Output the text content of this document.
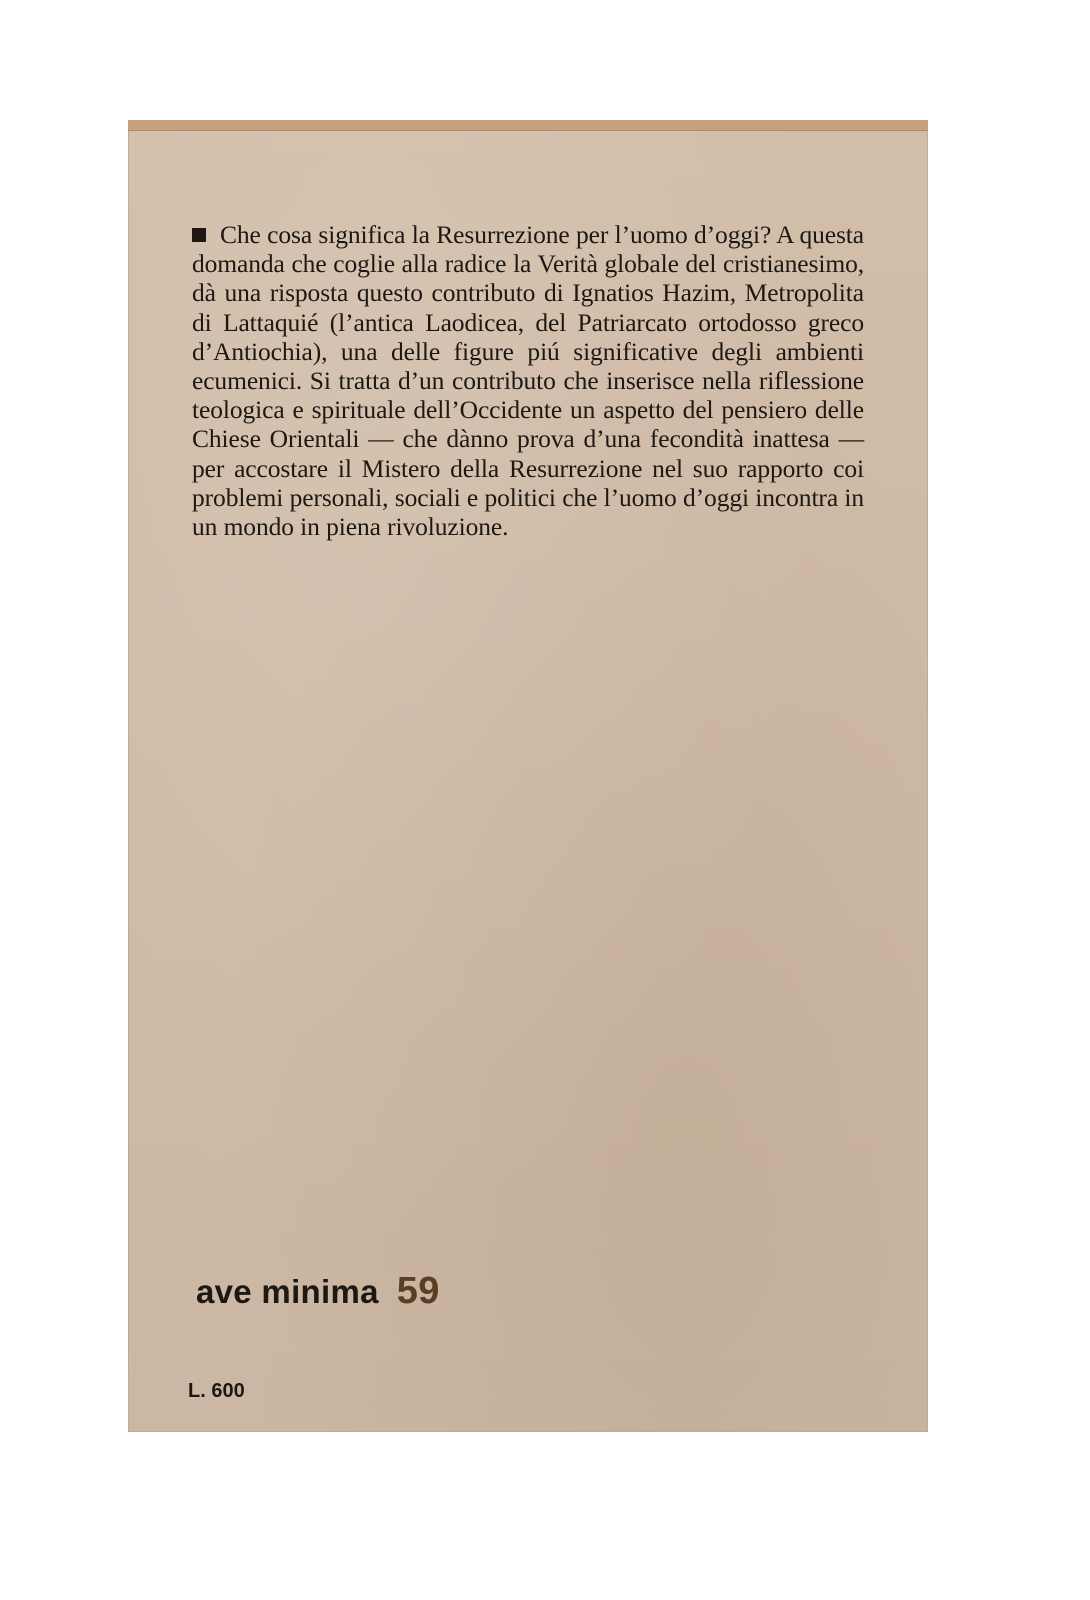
Che cosa significa la Resurrezione per l’uomo d’oggi? A questa domanda che coglie alla radice la Verità globale del cristianesimo, dà una risposta questo contributo di Ignatios Hazim, Metropolita di Lattaquié (l’antica Laodicea, del Patriarcato ortodosso greco d’Antiochia), una delle figure piú significative degli ambienti ecumenici. Si tratta d’un contributo che inserisce nella riflessione teologica e spirituale dell’Occidente un aspetto del pensiero delle Chiese Orientali — che dànno prova d’una fecondità inattesa — per accostare il Mistero della Resurrezione nel suo rapporto coi problemi personali, sociali e politici che l’uomo d’oggi incontra in un mondo in piena rivoluzione.

ave minima 59
L. 600
